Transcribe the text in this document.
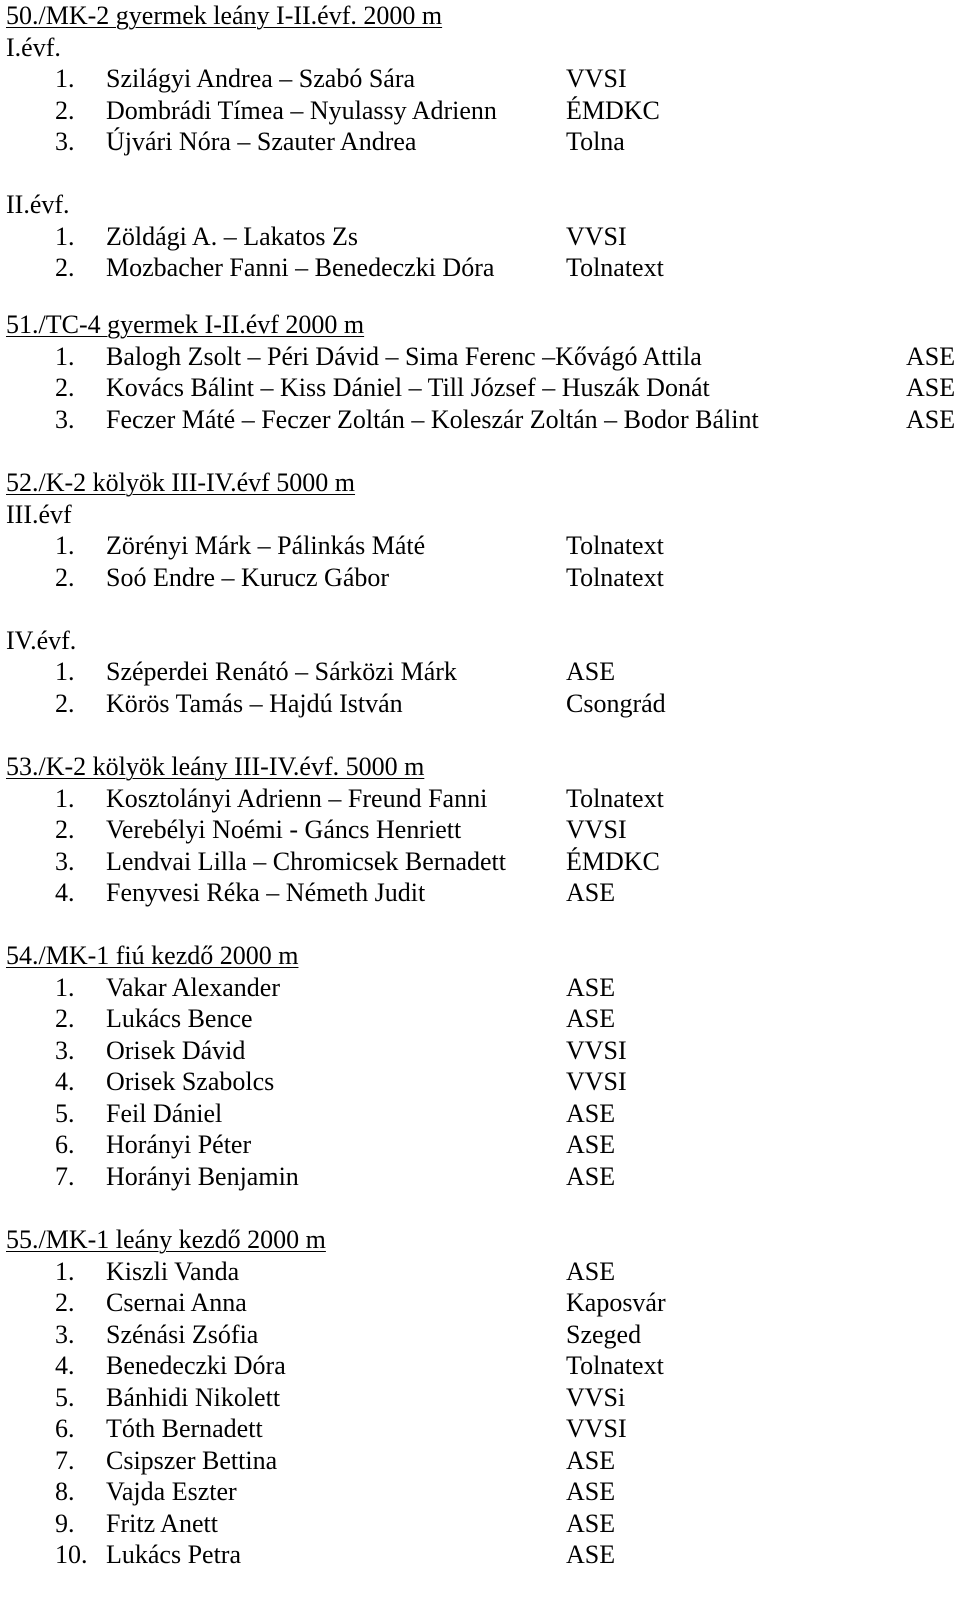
50./MK-2 gyermek leány I-II.évf. 2000 m
I.évf.
1. Szilágyi Andrea – Szabó Sára	VVSI
2. Dombrádi Tímea – Nyulassy Adrienn	ÉMDKC
3. Újvári Nóra – Szauter Andrea	Tolna
II.évf.
1. Zöldági A. – Lakatos Zs	VVSI
2. Mozbacher Fanni – Benedeczki Dóra	Tolnatext
51./TC-4 gyermek I-II.évf 2000 m
1. Balogh Zsolt – Péri Dávid – Sima Ferenc –Kővágó Attila	ASE
2. Kovács Bálint – Kiss Dániel – Till József – Huszák Donát	ASE
3. Feczer Máté – Feczer Zoltán – Koleszár Zoltán – Bodor Bálint	ASE
52./K-2 kölyök III-IV.évf 5000 m
III.évf
1. Zörényi Márk – Pálinkás Máté	Tolnatext
2. Soó Endre – Kurucz Gábor	Tolnatext
IV.évf.
1. Széperdei Renátó – Sárközi Márk	ASE
2. Körös Tamás – Hajdú István	Csongrád
53./K-2 kölyök leány III-IV.évf. 5000 m
1. Kosztolányi Adrienn – Freund Fanni	Tolnatext
2. Verebélyi Noémi - Gáncs Henriett	VVSI
3. Lendvai Lilla – Chromicsek Bernadett ÉMDKC
4. Fenyvesi Réka – Németh Judit	ASE
54./MK-1 fiú kezdő 2000 m
1. Vakar Alexander	ASE
2. Lukács Bence	ASE
3. Orisek Dávid	VVSI
4. Orisek Szabolcs	VVSI
5. Feil Dániel	ASE
6. Horányi Péter	ASE
7. Horányi Benjamin	ASE
55./MK-1 leány kezdő 2000 m
1. Kiszli Vanda	ASE
2. Csernai Anna	Kaposvár
3. Szénási Zsófia	Szeged
4. Benedeczki Dóra	Tolnatext
5. Bánhidi Nikolett	VVSi
6. Tóth Bernadett	VVSI
7. Csipszer Bettina	ASE
8. Vajda Eszter	ASE
9. Fritz Anett	ASE
10. Lukács Petra	ASE
